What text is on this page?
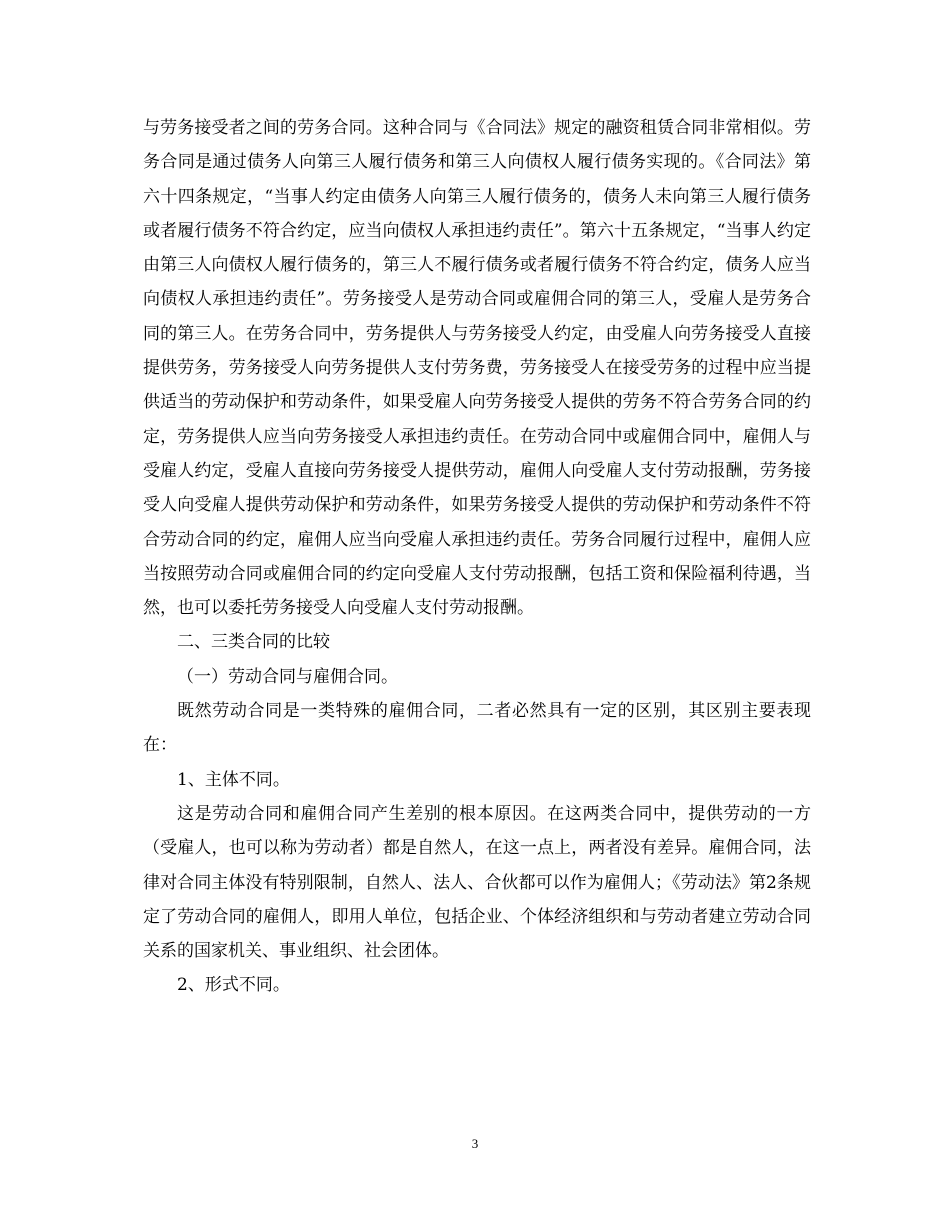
与劳务接受者之间的劳务合同。这种合同与《合同法》规定的融资租赁合同非常相似。劳务合同是通过债务人向第三人履行债务和第三人向债权人履行债务实现的。《合同法》第六十四条规定，“当事人约定由债务人向第三人履行债务的，债务人未向第三人履行债务或者履行债务不符合约定，应当向债权人承担违约责任”。第六十五条规定，“当事人约定由第三人向债权人履行债务的，第三人不履行债务或者履行债务不符合约定，债务人应当向债权人承担违约责任”。劳务接受人是劳动合同或雇佣合同的第三人，受雇人是劳务合同的第三人。在劳务合同中，劳务提供人与劳务接受人约定，由受雇人向劳务接受人直接提供劳务，劳务接受人向劳务提供人支付劳务费，劳务接受人在接受劳务的过程中应当提供适当的劳动保护和劳动条件，如果受雇人向劳务接受人提供的劳务不符合劳务合同的约定，劳务提供人应当向劳务接受人承担违约责任。在劳动合同中或雇佣合同中，雇佣人与受雇人约定，受雇人直接向劳务接受人提供劳动，雇佣人向受雇人支付劳动报酬，劳务接受人向受雇人提供劳动保护和劳动条件，如果劳务接受人提供的劳动保护和劳动条件不符合劳动合同的约定，雇佣人应当向受雇人承担违约责任。劳务合同履行过程中，雇佣人应当按照劳动合同或雇佣合同的约定向受雇人支付劳动报酬，包括工资和保险福利待遇，当然，也可以委托劳务接受人向受雇人支付劳动报酬。

二、三类合同的比较

（一）劳动合同与雇佣合同。

既然劳动合同是一类特殊的雇佣合同，二者必然具有一定的区别，其区别主要表现在：

1、主体不同。

这是劳动合同和雇佣合同产生差别的根本原因。在这两类合同中，提供劳动的一方（受雇人，也可以称为劳动者）都是自然人，在这一点上，两者没有差异。雇佣合同，法律对合同主体没有特别限制，自然人、法人、合伙都可以作为雇佣人；《劳动法》第2条规定了劳动合同的雇佣人，即用人单位，包括企业、个体经济组织和与劳动者建立劳动合同关系的国家机关、事业组织、社会团体。

2、形式不同。

3
